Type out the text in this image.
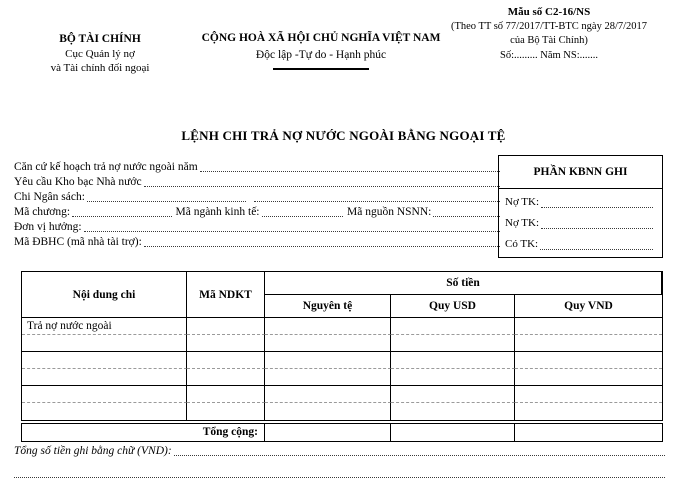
BỘ TÀI CHÍNH
Cục Quản lý nợ
và Tài chính đối ngoại
CỘNG HOÀ XÃ HỘI CHỦ NGHĨA VIỆT NAM
Độc lập -Tự do - Hạnh phúc
Mẫu số C2-16/NS
(Theo TT số 77/2017/TT-BTC ngày 28/7/2017
của Bộ Tài Chính)
Số:......... Năm NS:.......
LỆNH CHI TRẢ NỢ NƯỚC NGOÀI BẰNG NGOẠI TỆ
Căn cứ kế hoạch trả nợ nước ngoài năm
Yêu cầu Kho bạc Nhà nước
Chi Ngân sách:
Mã chương:	Mã ngành kinh tế:	Mã nguồn NSNN:
Đơn vị hưởng:
Mã ĐBHC (mã nhà tài trợ):
PHẦN KBNN GHI
Nợ TK:
Nợ TK:
Có TK:
Nội dung chi	Mã NDKT
Số tiền
Nguyên tệ	Quy USD	Quy VND
Trả nợ nước ngoài
Tổng cộng:
Tổng số tiền ghi bằng chữ (VND):
